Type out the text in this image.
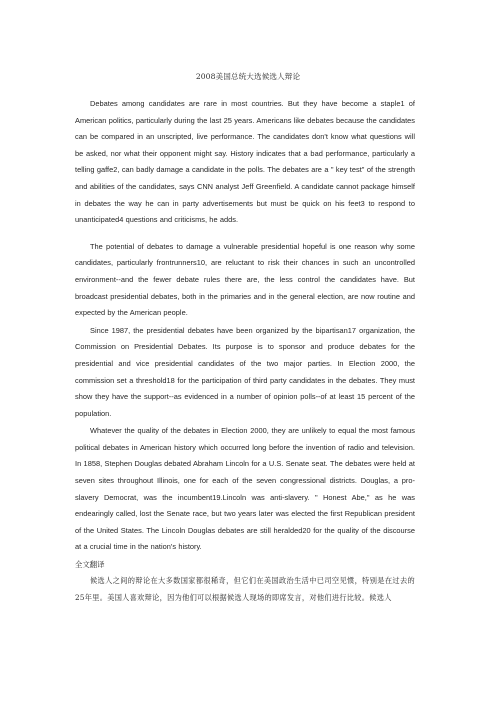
2008美国总统大选候选人辩论

Debates among candidates are rare in most countries. But they have become a staple1 of American politics, particularly during the last 25 years. Americans like debates because the candidates can be compared in an unscripted, live performance. The candidates don't know what questions will be asked, nor what their opponent might say. History indicates that a bad performance, particularly a telling gaffe2, can badly damage a candidate in the polls. The debates are a " key test" of the strength and abilities of the candidates, says CNN analyst Jeff Greenfield. A candidate cannot package himself in debates the way he can in party advertisements but must be quick on his feet3 to respond to unanticipated4 questions and criticisms, he adds.

The potential of debates to damage a vulnerable presidential hopeful is one reason why some candidates, particularly frontrunners10, are reluctant to risk their chances in such an uncontrolled environment--and the fewer debate rules there are, the less control the candidates have. But broadcast presidential debates, both in the primaries and in the general election, are now routine and expected by the American people.

Since 1987, the presidential debates have been organized by the bipartisan17 organization, the Commission on Presidential Debates. Its purpose is to sponsor and produce debates for the presidential and vice presidential candidates of the two major parties. In Election 2000, the commission set a threshold18 for the participation of third party candidates in the debates. They must show they have the support--as evidenced in a number of opinion polls--of at least 15 percent of the population.

Whatever the quality of the debates in Election 2000, they are unlikely to equal the most famous political debates in American history which occurred long before the invention of radio and television. In 1858, Stephen Douglas debated Abraham Lincoln for a U.S. Senate seat. The debates were held at seven sites throughout Illinois, one for each of the seven congressional districts. Douglas, a pro-slavery Democrat, was the incumbent19.Lincoln was anti-slavery. " Honest Abe," as he was endearingly called, lost the Senate race, but two years later was elected the first Republican president of the United States. The Lincoln Douglas debates are still heralded20 for the quality of the discourse at a crucial time in the nation's history.

全文翻译

候选人之间的辩论在大多数国家都很稀奇，但它们在美国政治生活中已司空见惯，特别是在过去的25年里。美国人喜欢辩论，因为他们可以根据候选人现场的即席发言，对他们进行比较。候选人
